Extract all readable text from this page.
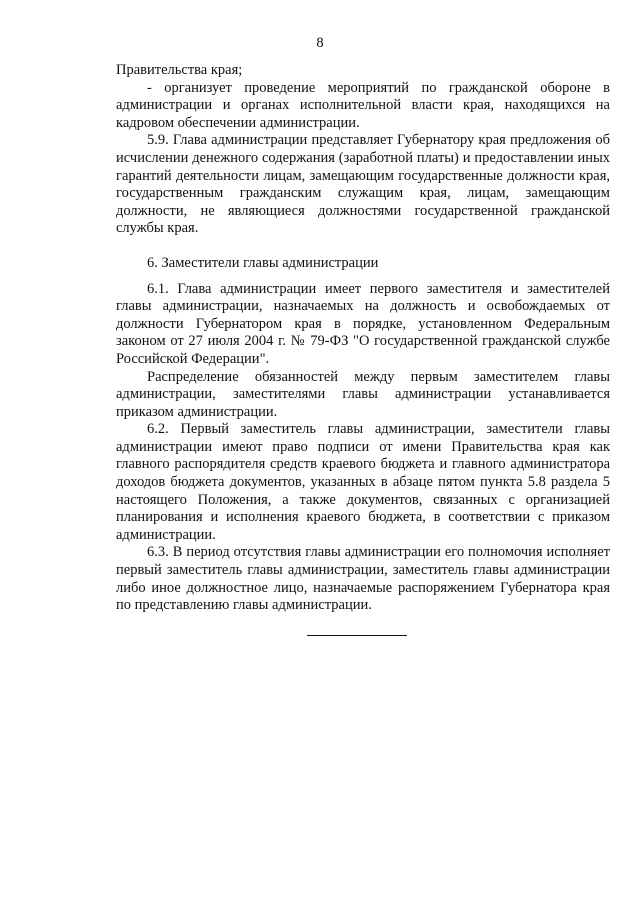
8

Правительства края;

- организует проведение мероприятий по гражданской обороне в администрации и органах исполнительной власти края, находящихся на кадровом обеспечении администрации.

5.9. Глава администрации представляет Губернатору края предложения об исчислении денежного содержания (заработной платы) и предоставлении иных гарантий деятельности лицам, замещающим государственные должности края, государственным гражданским служащим края, лицам, замещающим должности, не являющиеся должностями государственной гражданской службы края.

6. Заместители главы администрации

6.1. Глава администрации имеет первого заместителя и заместителей главы администрации, назначаемых на должность и освобождаемых от должности Губернатором края в порядке, установленном Федеральным законом от 27 июля 2004 г. № 79-ФЗ "О государственной гражданской службе Российской Федерации".

Распределение обязанностей между первым заместителем главы администрации, заместителями главы администрации устанавливается приказом администрации.

6.2. Первый заместитель главы администрации, заместители главы администрации имеют право подписи от имени Правительства края как главного распорядителя средств краевого бюджета и главного администратора доходов бюджета документов, указанных в абзаце пятом пункта 5.8 раздела 5 настоящего Положения, а также документов, связанных с организацией планирования и исполнения краевого бюджета, в соответствии с приказом администрации.

6.3. В период отсутствия главы администрации его полномочия исполняет первый заместитель главы администрации, заместитель главы администрации либо иное должностное лицо, назначаемые распоряжением Губернатора края по представлению главы администрации.
